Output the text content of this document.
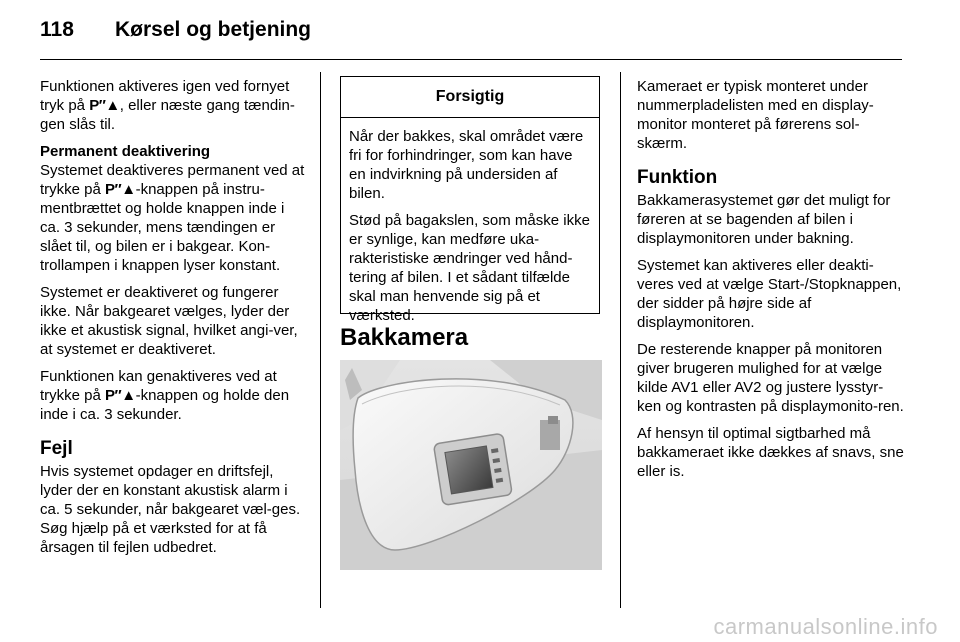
118 Kørsel og betjening

Funktionen aktiveres igen ved fornyet tryk på P″▲, eller næste gang tændin-gen slås til.

Permanent deaktivering

Systemet deaktiveres permanent ved at trykke på P″▲-knappen på instru-mentbrættet og holde knappen inde i ca. 3 sekunder, mens tændingen er slået til, og bilen er i bakgear. Kon-trollampen i knappen lyser konstant.

Systemet er deaktiveret og fungerer ikke. Når bakgearet vælges, lyder der ikke et akustisk signal, hvilket angi-ver, at systemet er deaktiveret.

Funktionen kan genaktiveres ved at trykke på P″▲-knappen og holde den inde i ca. 3 sekunder.

Fejl

Hvis systemet opdager en driftsfejl, lyder der en konstant akustisk alarm i ca. 5 sekunder, når bakgearet væl-ges. Søg hjælp på et værksted for at få årsagen til fejlen udbedret.

Forsigtig

Når der bakkes, skal området være fri for forhindringer, som kan have en indvirkning på undersiden af bilen.

Stød på bagakslen, som måske ikke er synlige, kan medføre uka-rakteristiske ændringer ved hånd-tering af bilen. I et sådant tilfælde skal man henvende sig på et værksted.

Bakkamera

Kameraet er typisk monteret under nummerpladelisten med en display-monitor monteret på førerens sol-skærm.

Funktion

Bakkamerasystemet gør det muligt for føreren at se bagenden af bilen i displaymonitoren under bakning.

Systemet kan aktiveres eller deakti-veres ved at vælge Start-/Stopknappen, der sidder på højre side af displaymonitoren.

De resterende knapper på monitoren giver brugeren mulighed for at vælge kilde AV1 eller AV2 og justere lysstyr-ken og kontrasten på displaymonito-ren.

Af hensyn til optimal sigtbarhed må bakkameraet ikke dækkes af snavs, sne eller is.

carmanualsonline.info
